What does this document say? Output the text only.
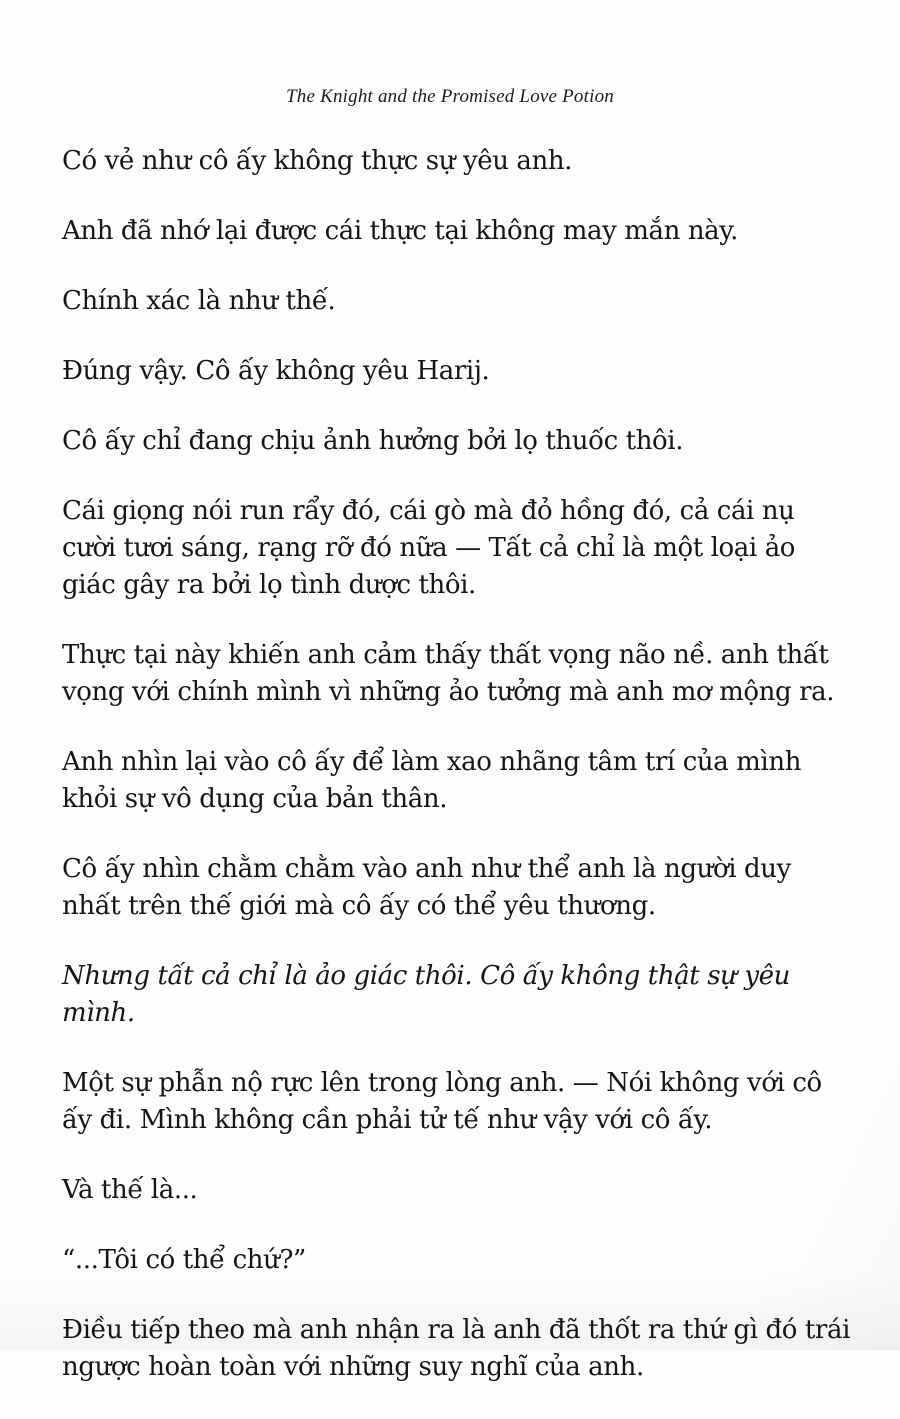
The Knight and the Promised Love Potion

Có vẻ như cô ấy không thực sự yêu anh.

Anh đã nhớ lại được cái thực tại không may mắn này.

Chính xác là như thế.

Đúng vậy. Cô ấy không yêu Harij.

Cô ấy chỉ đang chịu ảnh hưởng bởi lọ thuốc thôi.

Cái giọng nói run rẩy đó, cái gò mà đỏ hồng đó, cả cái nụ cười tươi sáng, rạng rỡ đó nữa — Tất cả chỉ là một loại ảo giác gây ra bởi lọ tình dược thôi.

Thực tại này khiến anh cảm thấy thất vọng não nề. anh thất vọng với chính mình vì những ảo tưởng mà anh mơ mộng ra.

Anh nhìn lại vào cô ấy để làm xao nhãng tâm trí của mình khỏi sự vô dụng của bản thân.

Cô ấy nhìn chằm chằm vào anh như thể anh là người duy nhất trên thế giới mà cô ấy có thể yêu thương.

Nhưng tất cả chỉ là ảo giác thôi. Cô ấy không thật sự yêu mình.

Một sự phẫn nộ rực lên trong lòng anh. — Nói không với cô ấy đi. Mình không cần phải tử tế như vậy với cô ấy.

Và thế là...

“...Tôi có thể chứ?”

Điều tiếp theo mà anh nhận ra là anh đã thốt ra thứ gì đó trái ngược hoàn toàn với những suy nghĩ của anh.
